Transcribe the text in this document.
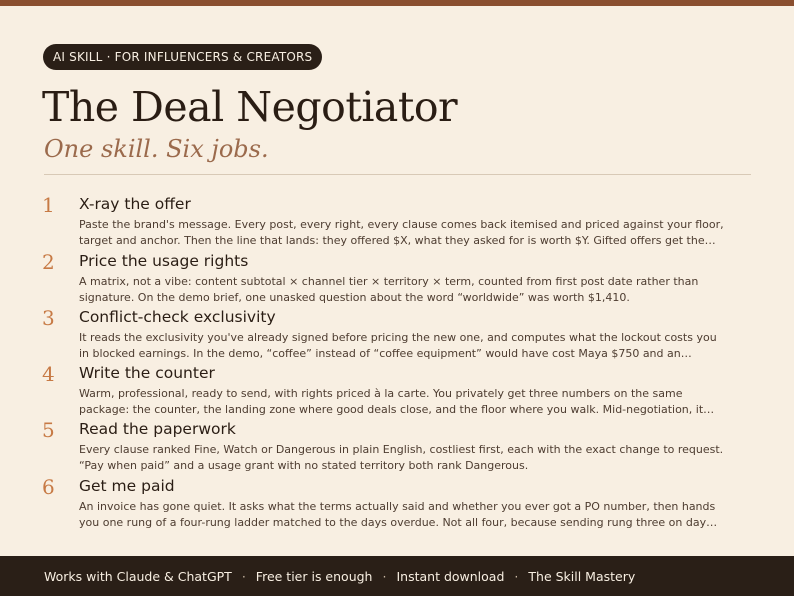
AI SKILL · FOR INFLUENCERS & CREATORS
The Deal Negotiator

One skill. Six jobs.

1	X-ray the offer

Paste the brand's message. Every post, every right, every clause comes back itemised and priced against your floor,
target and anchor. Then the line that lands: they offered $X, what they asked for is worth $Y. Gifted offers get the…

2	Price the usage rights

A matrix, not a vibe: content subtotal × channel tier × territory × term, counted from first post date rather than
signature. On the demo brief, one unasked question about the word “worldwide” was worth $1,410.

3	Conflict-check exclusivity

It reads the exclusivity you've already signed before pricing the new one, and computes what the lockout costs you
in blocked earnings. In the demo, “coffee” instead of “coffee equipment” would have cost Maya $750 and an…

4	Write the counter

Warm, professional, ready to send, with rights priced à la carte. You privately get three numbers on the same
package: the counter, the landing zone where good deals close, and the floor where you walk. Mid-negotiation, it…

5	Read the paperwork

Every clause ranked Fine, Watch or Dangerous in plain English, costliest first, each with the exact change to request.
“Pay when paid” and a usage grant with no stated territory both rank Dangerous.

6	Get me paid

An invoice has gone quiet. It asks what the terms actually said and whether you ever got a PO number, then hands
you one rung of a four-rung ladder matched to the days overdue. Not all four, because sending rung three on day…

Works with Claude & ChatGPT · Free tier is enough · Instant download · The Skill Mastery
